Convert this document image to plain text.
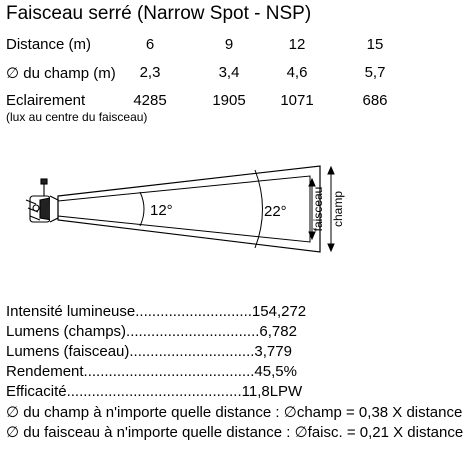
Faisceau serré (Narrow Spot - NSP)
Distance (m)	6	9	12	15
∅ du champ (m)	2,3	3,4	4,6	5,7
Eclairement	4285	1905	1071	686
(lux au centre du faisceau)
12°	22° faisceau champ
Intensité lumineuse............................154,272
Lumens (champs)................................6,782
Lumens (faisceau)..............................3,779
Rendement.........................................45,5%
Efficacité..........................................11,8LPW
∅ du champ à n'importe quelle distance : ∅champ = 0,38 X distance
∅ du faisceau à n'importe quelle distance : ∅faisc. = 0,21 X distance
